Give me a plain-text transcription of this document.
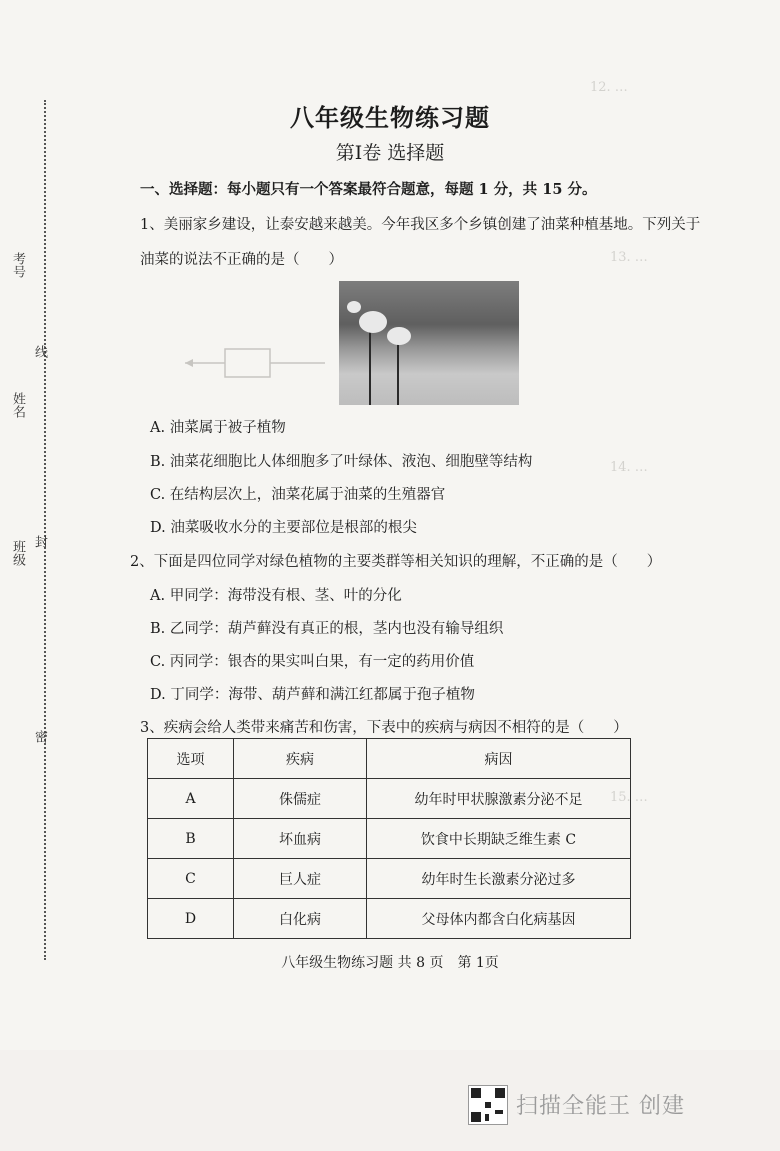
12. …
13. …
14. …
15. …
考号
姓名
班级
密
封
线
八年级生物练习题
第Ⅰ卷 选择题
一、选择题：每小题只有一个答案最符合题意，每题 1 分，共 15 分。
1、美丽家乡建设，让泰安越来越美。今年我区多个乡镇创建了油菜种植基地。下列关于
油菜的说法不正确的是（　　）
A. 油菜属于被子植物
B. 油菜花细胞比人体细胞多了叶绿体、液泡、细胞壁等结构
C. 在结构层次上，油菜花属于油菜的生殖器官
D. 油菜吸收水分的主要部位是根部的根尖
2、下面是四位同学对绿色植物的主要类群等相关知识的理解，不正确的是（　　）
A. 甲同学：海带没有根、茎、叶的分化
B. 乙同学：葫芦藓没有真正的根，茎内也没有输导组织
C. 丙同学：银杏的果实叫白果，有一定的药用价值
D. 丁同学：海带、葫芦藓和满江红都属于孢子植物
3、疾病会给人类带来痛苦和伤害，下表中的疾病与病因不相符的是（　　）
选项	疾病	病因
A	侏儒症	幼年时甲状腺激素分泌不足
B	坏血病	饮食中长期缺乏维生素 C
C	巨人症	幼年时生长激素分泌过多
D	白化病	父母体内都含白化病基因
八年级生物练习题 共 8 页　第 1页
扫描全能王 创建
